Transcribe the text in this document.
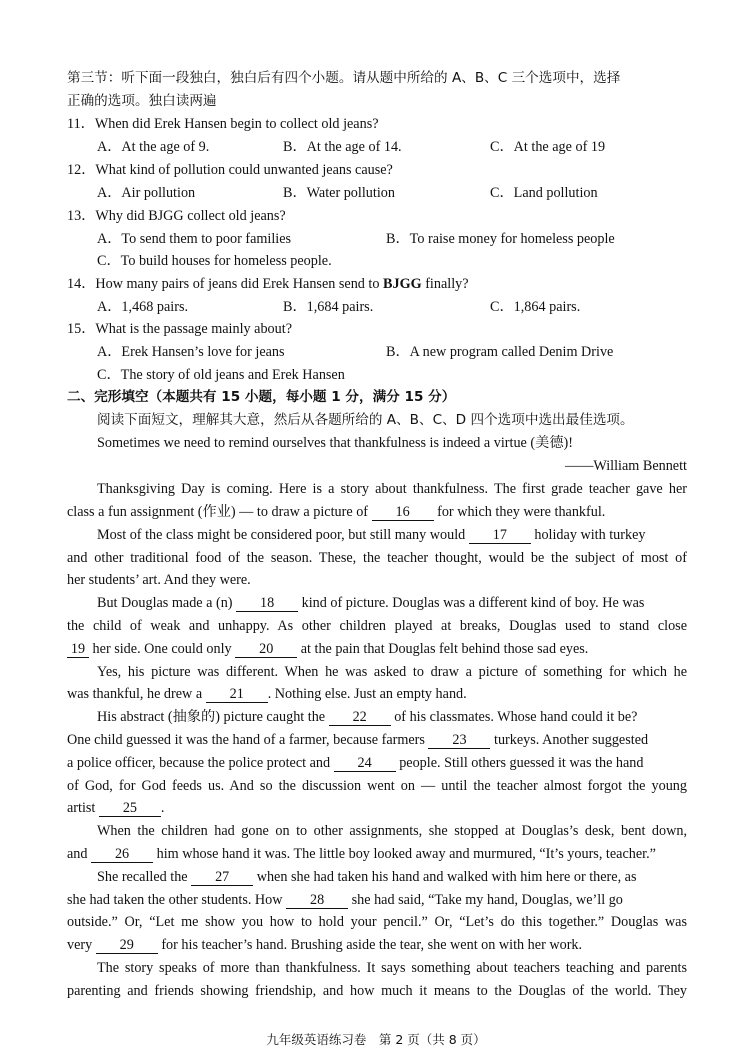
第三节：听下面一段独白，独白后有四个小题。请从题中所给的 A、B、C 三个选项中，选择
正确的选项。独白读两遍
11．When did Erek Hansen begin to collect old jeans?
A．At the age of 9.	B．At the age of 14.	C．At the age of 19
12．What kind of pollution could unwanted jeans cause?
A．Air pollution	B．Water pollution	C．Land pollution
13．Why did BJGG collect old jeans?
A．To send them to poor families	B．To raise money for homeless people
C．To build houses for homeless people.
14．How many pairs of jeans did Erek Hansen send to BJGG finally?
A．1,468 pairs.	B．1,684 pairs.	C．1,864 pairs.
15．What is the passage mainly about?
A．Erek Hansen’s love for jeans	B．A new program called Denim Drive
C．The story of old jeans and Erek Hansen
二、完形填空（本题共有 15 小题，每小题 1 分，满分 15 分）
阅读下面短文，理解其大意，然后从各题所给的 A、B、C、D 四个选项中选出最佳选项。
Sometimes we need to remind ourselves that thankfulness is indeed a virtue (美德)!
——William Bennett
Thanksgiving Day is coming. Here is a story about thankfulness. The first grade teacher gave her
class a fun assignment (作业) — to draw a picture of 16 for which they were thankful.
Most of the class might be considered poor, but still many would 17 holiday with turkey
and other traditional food of the season. These, the teacher thought, would be the subject of most of
her students’ art. And they were.
But Douglas made a (n) 18 kind of picture. Douglas was a different kind of boy. He was
the child of weak and unhappy. As other children played at breaks, Douglas used to stand close
19 her side. One could only 20 at the pain that Douglas felt behind those sad eyes.
Yes, his picture was different. When he was asked to draw a picture of something for which he
was thankful, he drew a 21 . Nothing else. Just an empty hand.
His abstract (抽象的) picture caught the 22 of his classmates. Whose hand could it be?
One child guessed it was the hand of a farmer, because farmers 23 turkeys. Another suggested
a police officer, because the police protect and 24 people. Still others guessed it was the hand
of God, for God feeds us. And so the discussion went on — until the teacher almost forgot the young
artist 25 .
When the children had gone on to other assignments, she stopped at Douglas’s desk, bent down,
and 26 him whose hand it was. The little boy looked away and murmured, “It’s yours, teacher.”
She recalled the 27 when she had taken his hand and walked with him here or there, as
she had taken the other students. How 28 she had said, “Take my hand, Douglas, we’ll go
outside.” Or, “Let me show you how to hold your pencil.” Or, “Let’s do this together.” Douglas was
very 29 for his teacher’s hand. Brushing aside the tear, she went on with her work.
The story speaks of more than thankfulness. It says something about teachers teaching and parents
parenting and friends showing friendship, and how much it means to the Douglas of the world. They
九年级英语练习卷　第 2 页（共 8 页）
